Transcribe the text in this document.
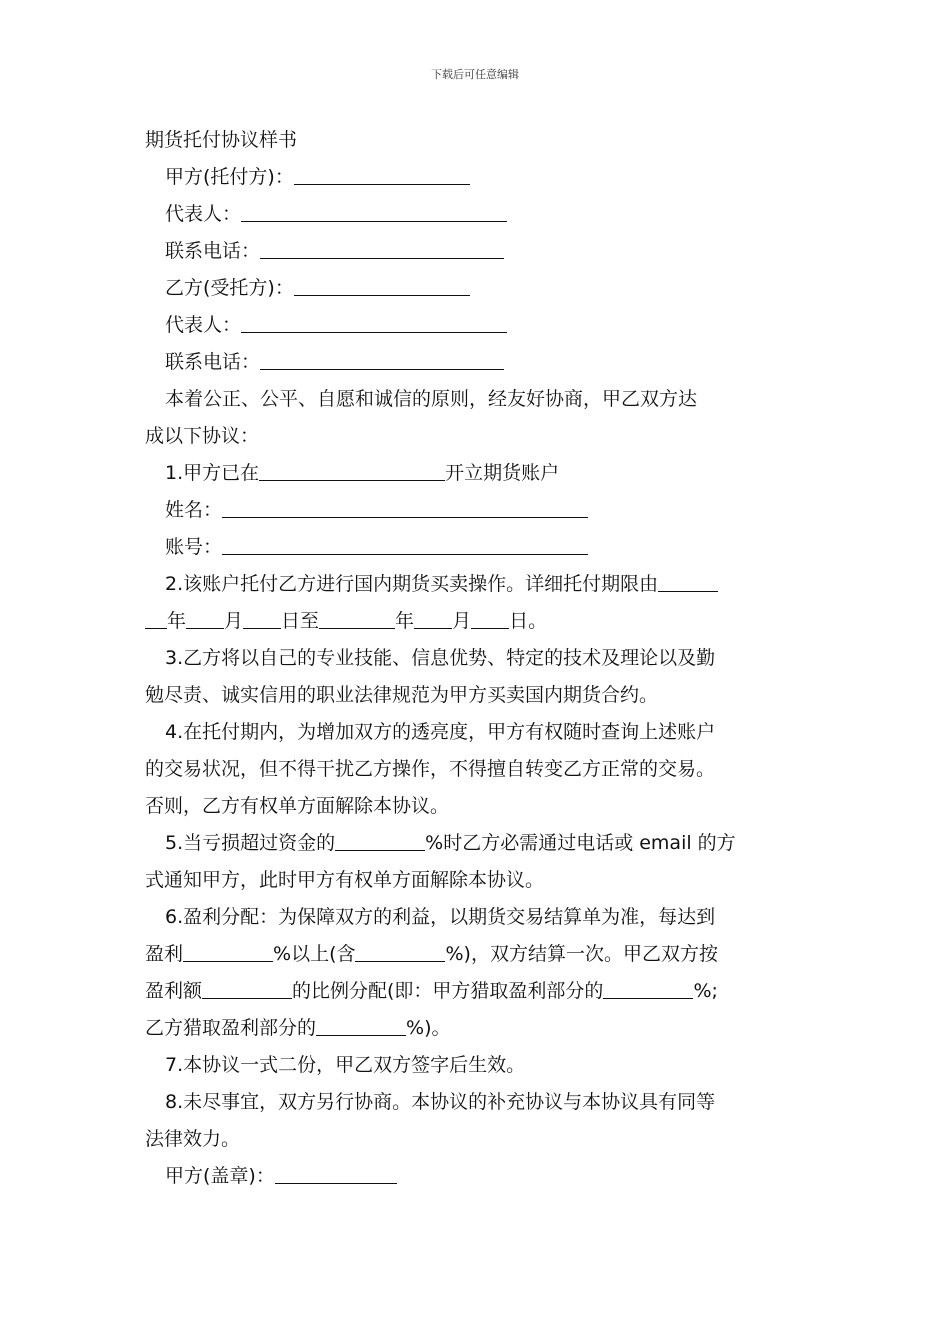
下载后可任意编辑
期货托付协议样书
甲方(托付方)：
代表人：
联系电话：
乙方(受托方)：
代表人：
联系电话：
本着公正、公平、自愿和诚信的原则，经友好协商，甲乙双方达
成以下协议：
1.甲方已在	开立期货账户
姓名：
账号：
2.该账户托付乙方进行国内期货买卖操作。详细托付期限由
年 月 日至	年 月 日。
3.乙方将以自己的专业技能、信息优势、特定的技术及理论以及勤
勉尽责、诚实信用的职业法律规范为甲方买卖国内期货合约。
4.在托付期内，为增加双方的透亮度，甲方有权随时查询上述账户
的交易状况，但不得干扰乙方操作，不得擅自转变乙方正常的交易。
否则，乙方有权单方面解除本协议。
5.当亏损超过资金的	%时乙方必需通过电话或 email 的方
式通知甲方，此时甲方有权单方面解除本协议。
6.盈利分配：为保障双方的利益，以期货交易结算单为准，每达到
盈利	%以上(含	%)，双方结算一次。甲乙双方按
盈利额	的比例分配(即：甲方猎取盈利部分的	%;
乙方猎取盈利部分的	%)。
7.本协议一式二份，甲乙双方签字后生效。
8.未尽事宜，双方另行协商。本协议的补充协议与本协议具有同等
法律效力。
甲方(盖章)：
